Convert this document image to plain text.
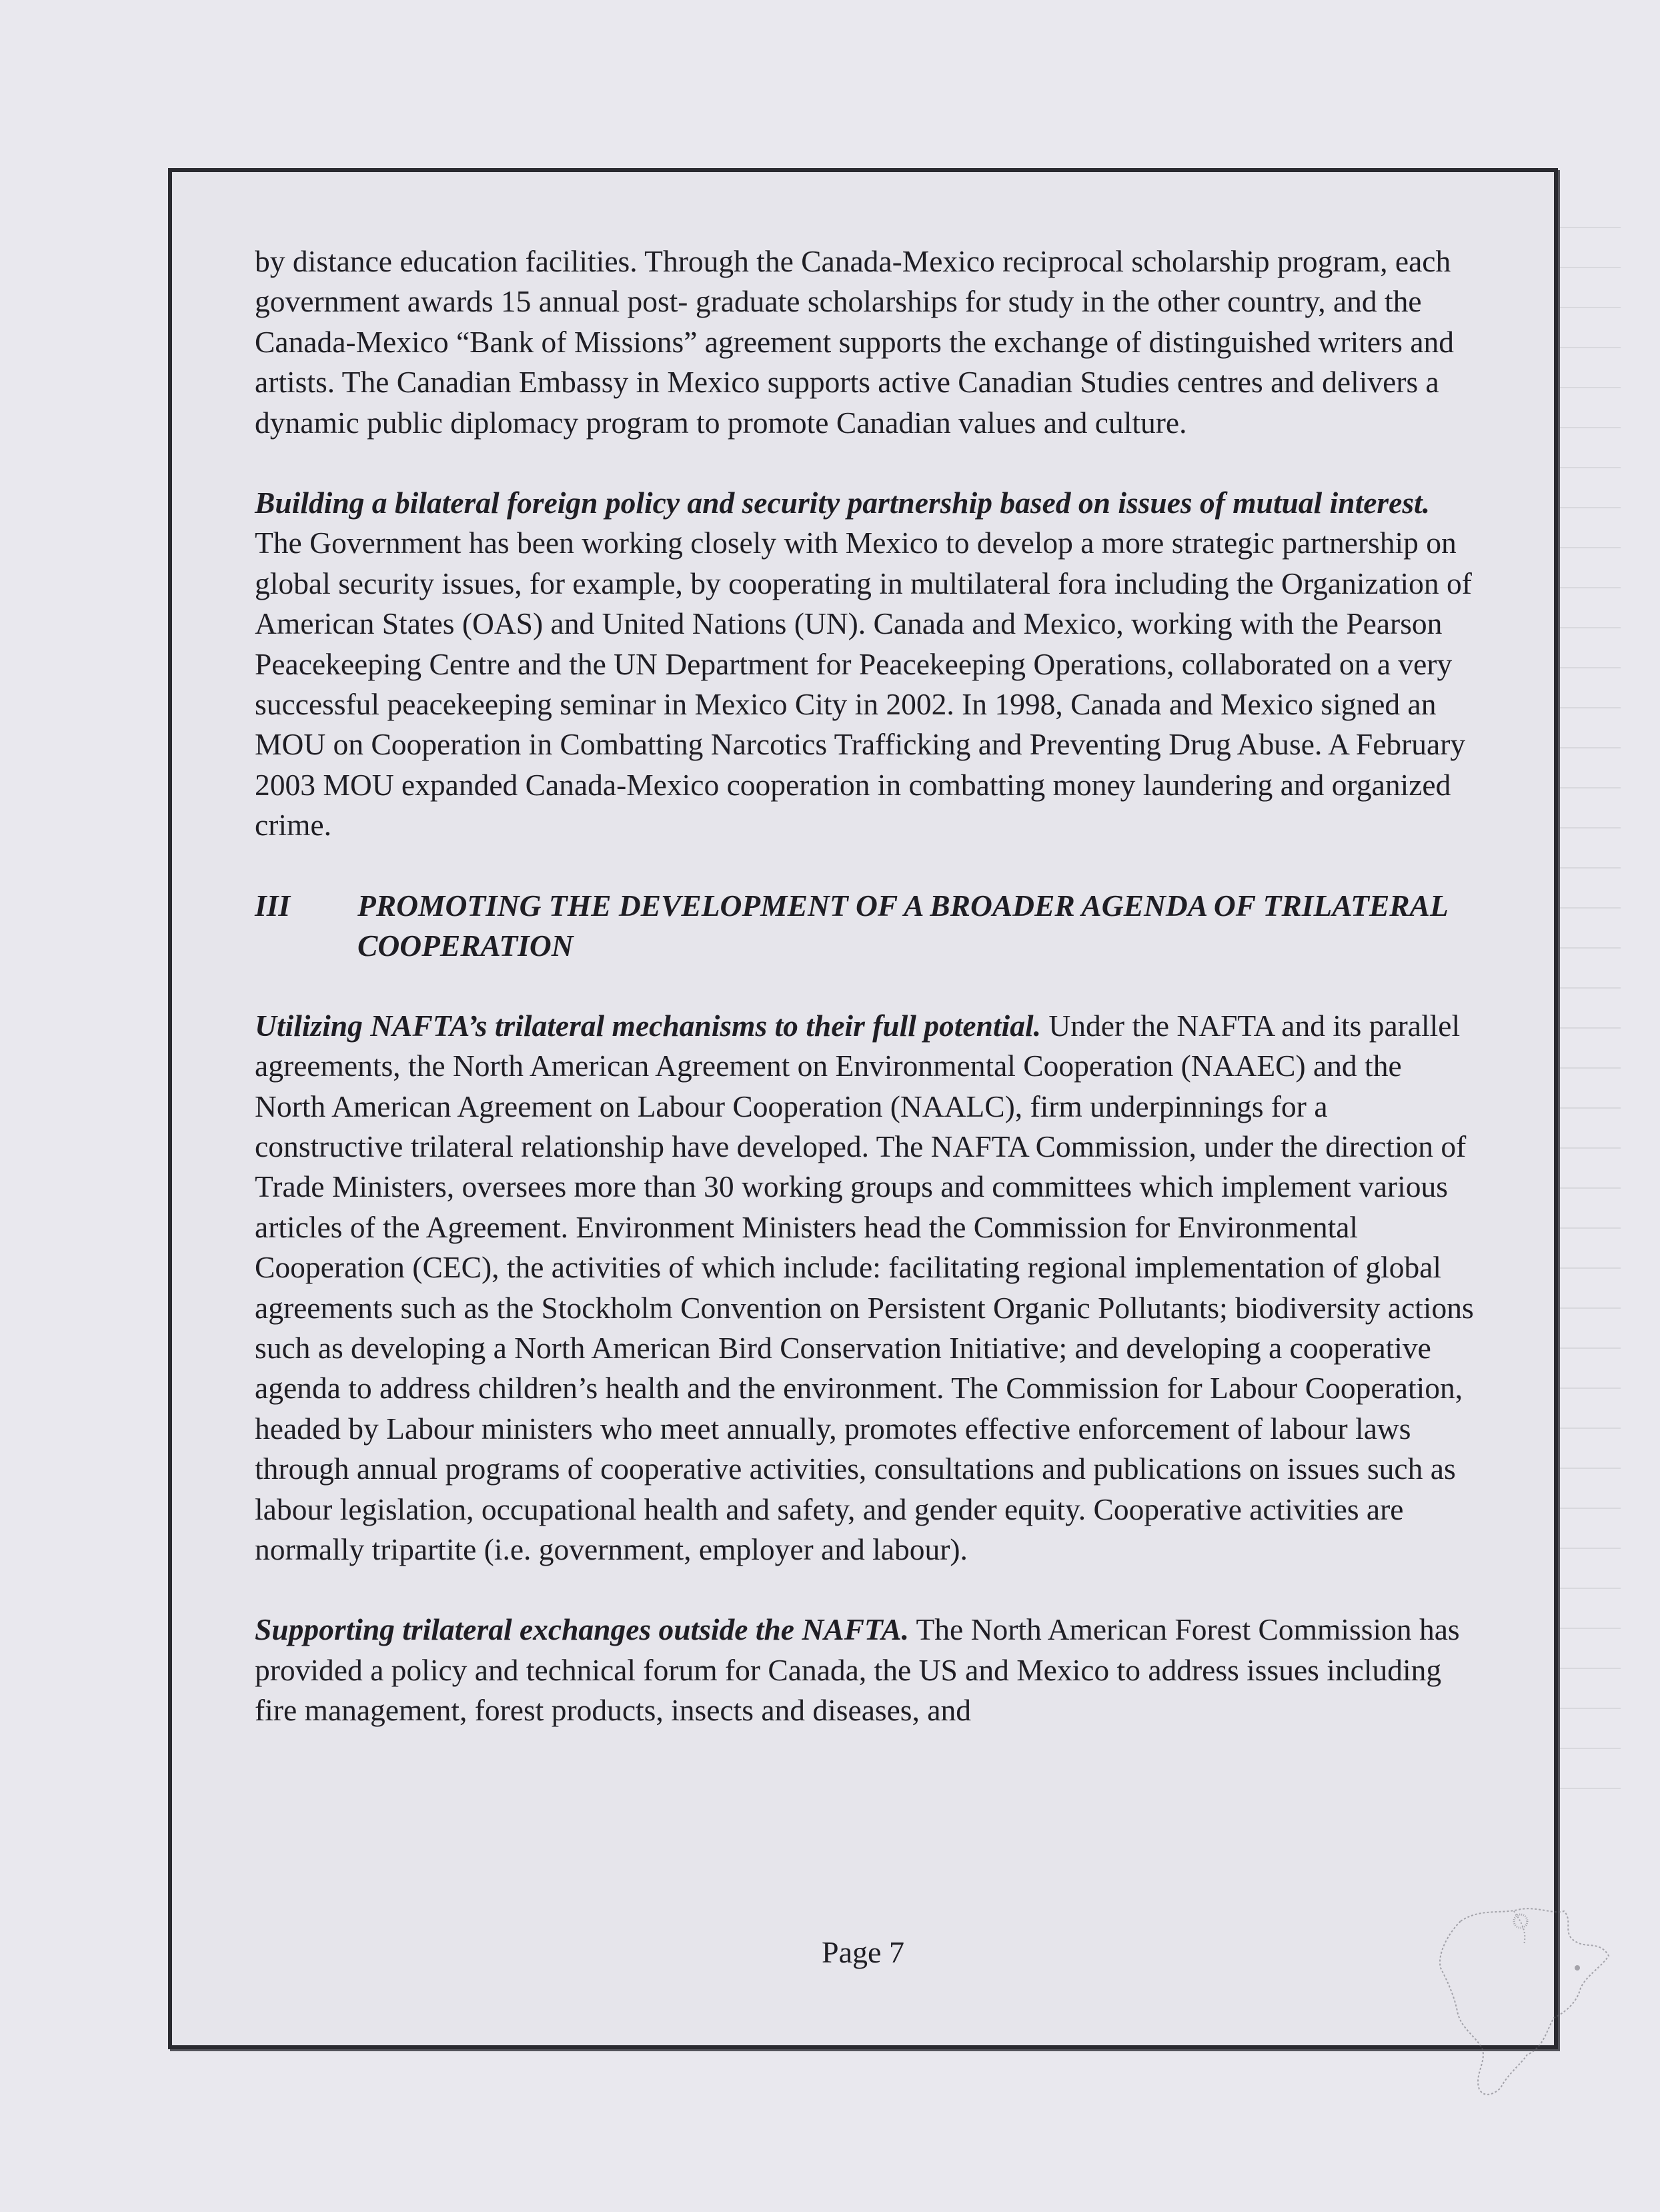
by distance education facilities. Through the Canada-Mexico reciprocal scholarship program, each government awards 15 annual post- graduate scholarships for study in the other country, and the Canada-Mexico “Bank of Missions” agreement supports the exchange of distinguished writers and artists. The Canadian Embassy in Mexico supports active Canadian Studies centres and delivers a dynamic public diplomacy program to promote Canadian values and culture.

Building a bilateral foreign policy and security partnership based on issues of mutual interest. The Government has been working closely with Mexico to develop a more strategic partnership on global security issues, for example, by cooperating in multilateral fora including the Organization of American States (OAS) and United Nations (UN). Canada and Mexico, working with the Pearson Peacekeeping Centre and the UN Department for Peacekeeping Operations, collaborated on a very successful peacekeeping seminar in Mexico City in 2002. In 1998, Canada and Mexico signed an MOU on Cooperation in Combatting Narcotics Trafficking and Preventing Drug Abuse. A February 2003 MOU expanded Canada-Mexico cooperation in combatting money laundering and organized crime.

III	PROMOTING THE DEVELOPMENT OF A BROADER AGENDA OF TRILATERAL COOPERATION

Utilizing NAFTA’s trilateral mechanisms to their full potential. Under the NAFTA and its parallel agreements, the North American Agreement on Environmental Cooperation (NAAEC) and the North American Agreement on Labour Cooperation (NAALC), firm underpinnings for a constructive trilateral relationship have developed. The NAFTA Commission, under the direction of Trade Ministers, oversees more than 30 working groups and committees which implement various articles of the Agreement. Environment Ministers head the Commission for Environmental Cooperation (CEC), the activities of which include: facilitating regional implementation of global agreements such as the Stockholm Convention on Persistent Organic Pollutants; biodiversity actions such as developing a North American Bird Conservation Initiative; and developing a cooperative agenda to address children’s health and the environment. The Commission for Labour Cooperation, headed by Labour ministers who meet annually, promotes effective enforcement of labour laws through annual programs of cooperative activities, consultations and publications on issues such as labour legislation, occupational health and safety, and gender equity. Cooperative activities are normally tripartite (i.e. government, employer and labour).

Supporting trilateral exchanges outside the NAFTA. The North American Forest Commission has provided a policy and technical forum for Canada, the US and Mexico to address issues including fire management, forest products, insects and diseases, and

Page 7
